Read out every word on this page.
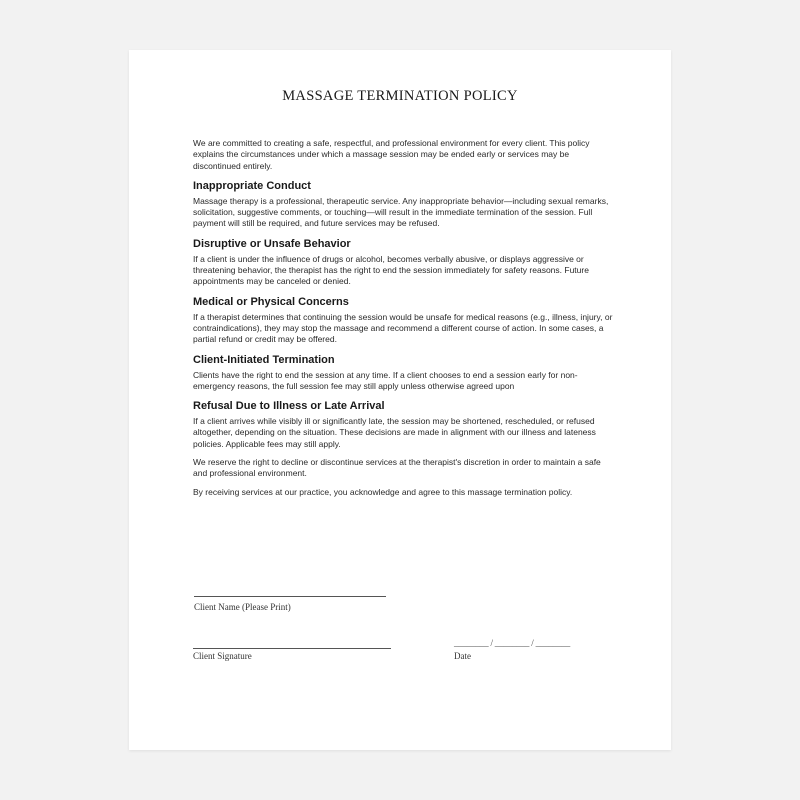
MASSAGE TERMINATION POLICY

We are committed to creating a safe, respectful, and professional environment for every client. This policy explains the circumstances under which a massage session may be ended early or services may be discontinued entirely.

Inappropriate Conduct

Massage therapy is a professional, therapeutic service. Any inappropriate behavior—including sexual remarks, solicitation, suggestive comments, or touching—will result in the immediate termination of the session. Full payment will still be required, and future services may be refused.

Disruptive or Unsafe Behavior

If a client is under the influence of drugs or alcohol, becomes verbally abusive, or displays aggressive or threatening behavior, the therapist has the right to end the session immediately for safety reasons. Future appointments may be canceled or denied.

Medical or Physical Concerns

If a therapist determines that continuing the session would be unsafe for medical reasons (e.g., illness, injury, or contraindications), they may stop the massage and recommend a different course of action. In some cases, a partial refund or credit may be offered.

Client-Initiated Termination

Clients have the right to end the session at any time. If a client chooses to end a session early for non-emergency reasons, the full session fee may still apply unless otherwise agreed upon

Refusal Due to Illness or Late Arrival

If a client arrives while visibly ill or significantly late, the session may be shortened, rescheduled, or refused altogether, depending on the situation. These decisions are made in alignment with our illness and lateness policies. Applicable fees may still apply.

We reserve the right to decline or discontinue services at the therapist's discretion in order to maintain a safe and professional environment.

By receiving services at our practice, you acknowledge and agree to this massage termination policy.

Client Name (Please Print)
Client Signature
________ / ________ / ________
Date
